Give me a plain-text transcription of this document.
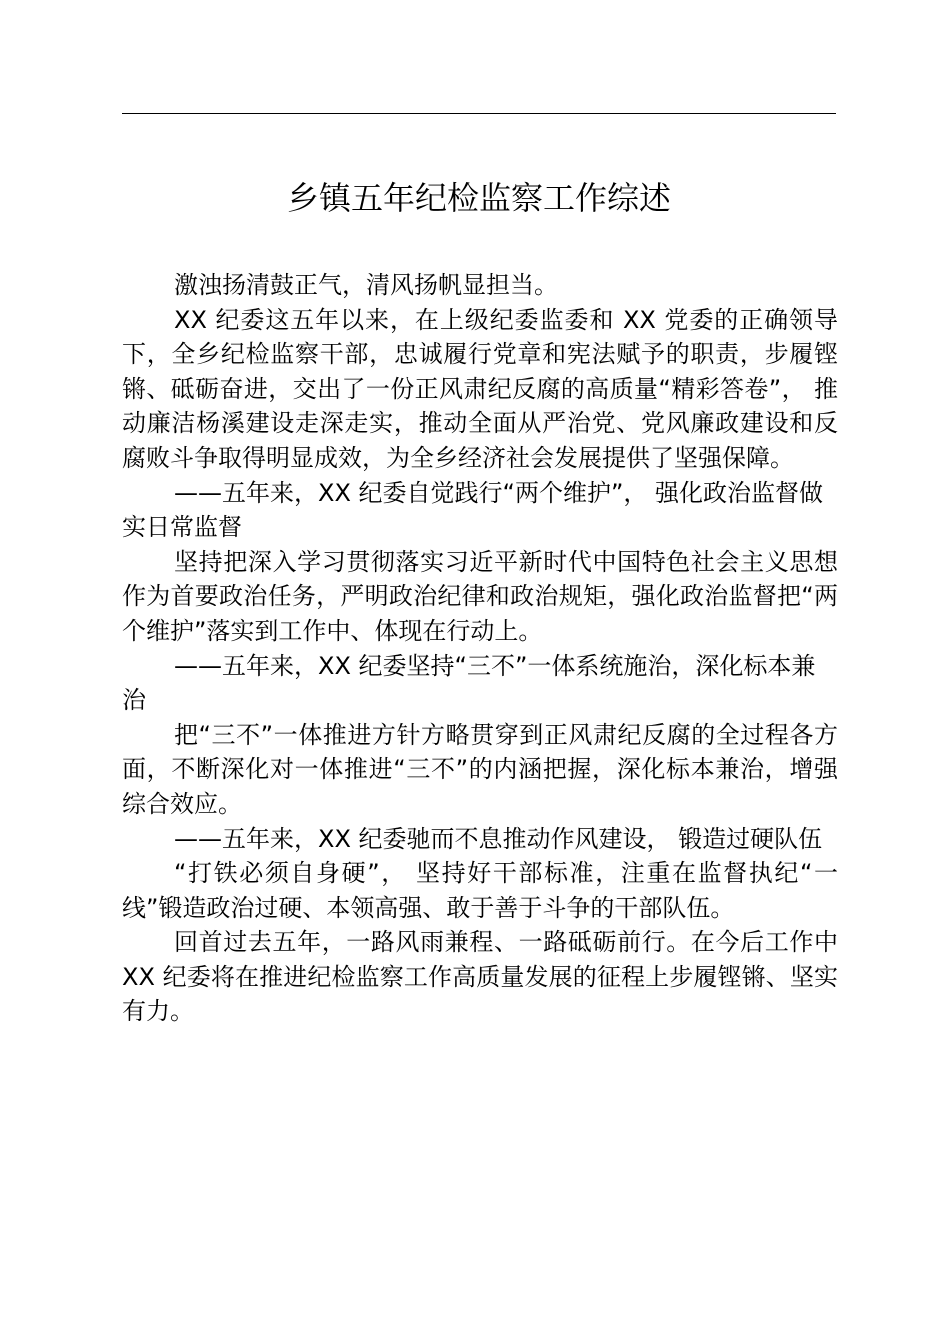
乡镇五年纪检监察工作综述

激浊扬清鼓正气，清风扬帆显担当。

XX 纪委这五年以来，在上级纪委监委和 XX 党委的正确领导下，全乡纪检监察干部，忠诚履行党章和宪法赋予的职责，步履铿锵、砥砺奋进，交出了一份正风肃纪反腐的高质量“精彩答卷”， 推动廉洁杨溪建设走深走实，推动全面从严治党、党风廉政建设和反腐败斗争取得明显成效，为全乡经济社会发展提供了坚强保障。

——五年来，XX 纪委自觉践行“两个维护”， 强化政治监督做实日常监督

坚持把深入学习贯彻落实习近平新时代中国特色社会主义思想作为首要政治任务，严明政治纪律和政治规矩，强化政治监督把“两个维护”落实到工作中、体现在行动上。

——五年来，XX 纪委坚持“三不”一体系统施治，深化标本兼治

把“三不”一体推进方针方略贯穿到正风肃纪反腐的全过程各方面，不断深化对一体推进“三不”的内涵把握，深化标本兼治，增强综合效应。

——五年来，XX 纪委驰而不息推动作风建设， 锻造过硬队伍

“打铁必须自身硬”， 坚持好干部标准，注重在监督执纪“一线”锻造政治过硬、本领高强、敢于善于斗争的干部队伍。

回首过去五年，一路风雨兼程、一路砥砺前行。在今后工作中 XX 纪委将在推进纪检监察工作高质量发展的征程上步履铿锵、坚实有力。
